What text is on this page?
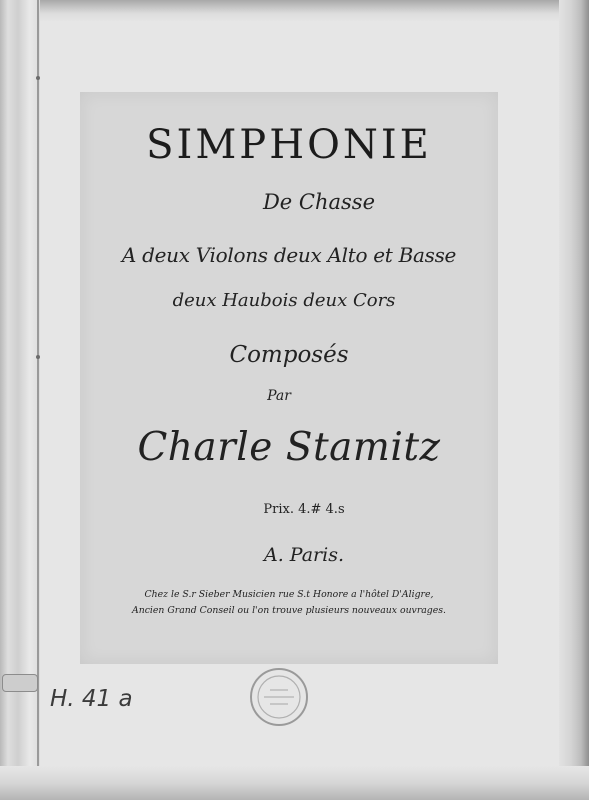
SIMPHONIE
De Chasse
A deux Violons deux Alto et Basse
deux Haubois deux Cors
Composés
Par
Charle Stamitz
Prix. 4.# 4.s
A. Paris.
Chez le S.r Sieber Musicien rue S.t Honore a l'hôtel D'Aligre,
Ancien Grand Conseil ou l'on trouve plusieurs nouveaux ouvrages.
H. 41 a
